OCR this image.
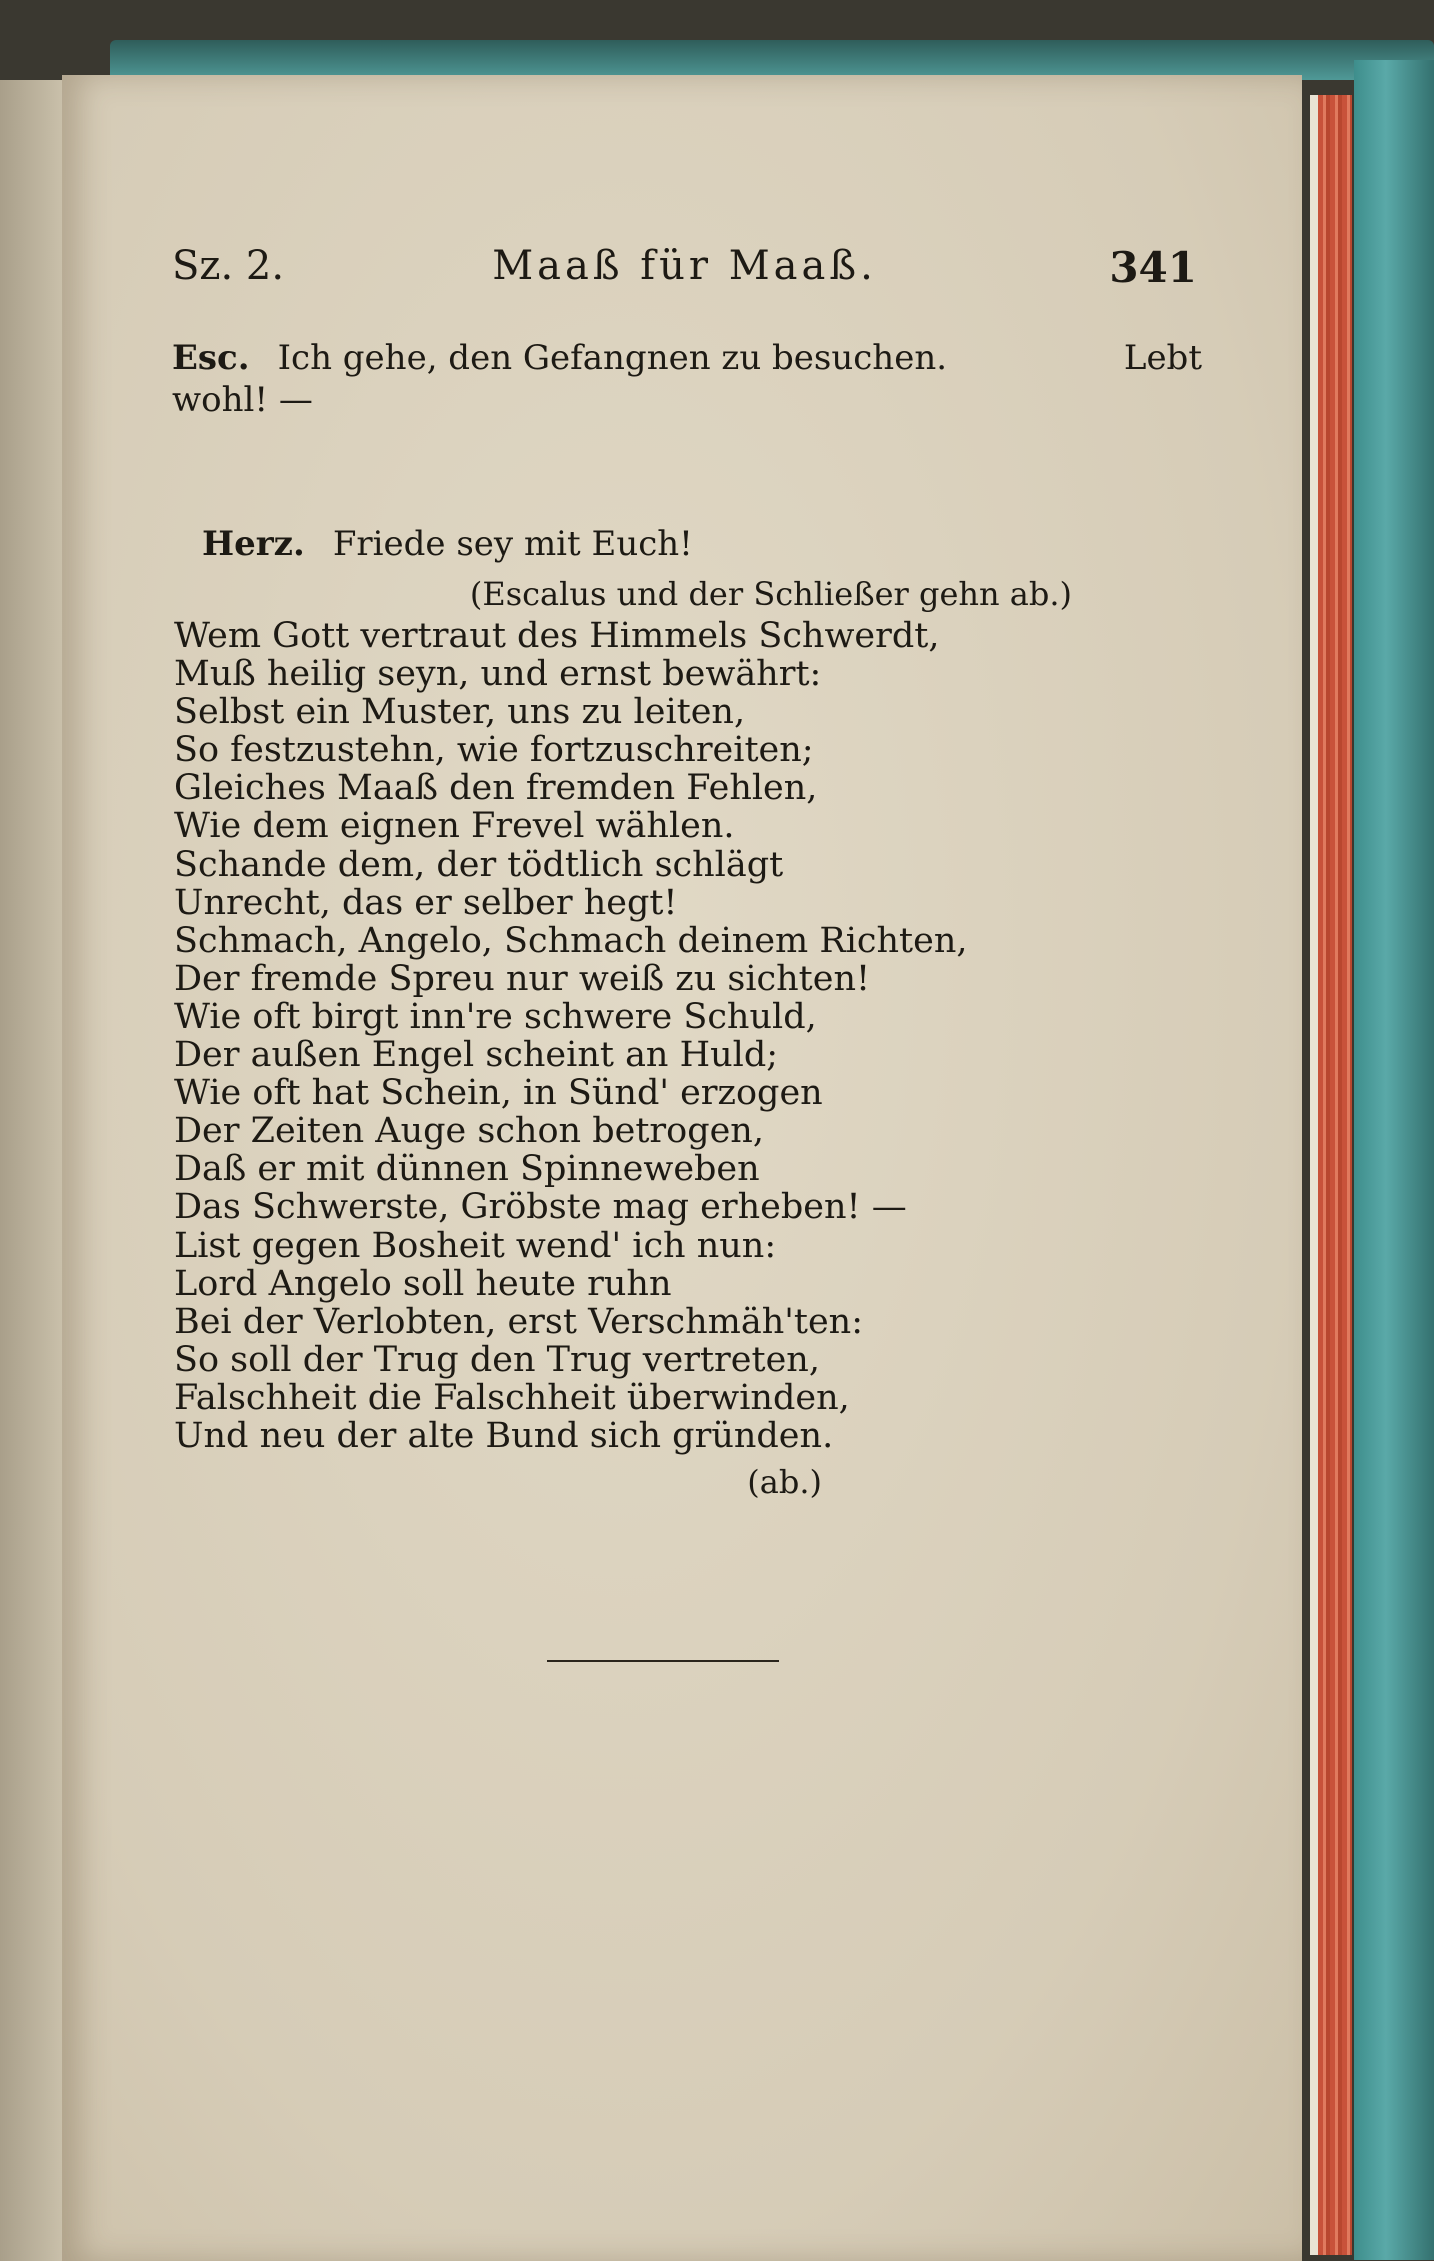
Sz. 2.	Maaß für Maaß.	341
Esc. Ich gehe, den Gefangnen zu besuchen.	Lebt
wohl! —
Herz. Friede sey mit Euch!
(Escalus und der Schließer gehn ab.)
Wem Gott vertraut des Himmels Schwerdt,
Muß heilig seyn, und ernst bewährt:
Selbst ein Muster, uns zu leiten,
So festzustehn, wie fortzuschreiten;
Gleiches Maaß den fremden Fehlen,
Wie dem eignen Frevel wählen.
Schande dem, der tödtlich schlägt
Unrecht, das er selber hegt!
Schmach, Angelo, Schmach deinem Richten,
Der fremde Spreu nur weiß zu sichten!
Wie oft birgt inn're schwere Schuld,
Der außen Engel scheint an Huld;
Wie oft hat Schein, in Sünd' erzogen
Der Zeiten Auge schon betrogen,
Daß er mit dünnen Spinneweben
Das Schwerste, Gröbste mag erheben! —
List gegen Bosheit wend' ich nun:
Lord Angelo soll heute ruhn
Bei der Verlobten, erst Verschmäh'ten:
So soll der Trug den Trug vertreten,
Falschheit die Falschheit überwinden,
Und neu der alte Bund sich gründen.
(ab.)
